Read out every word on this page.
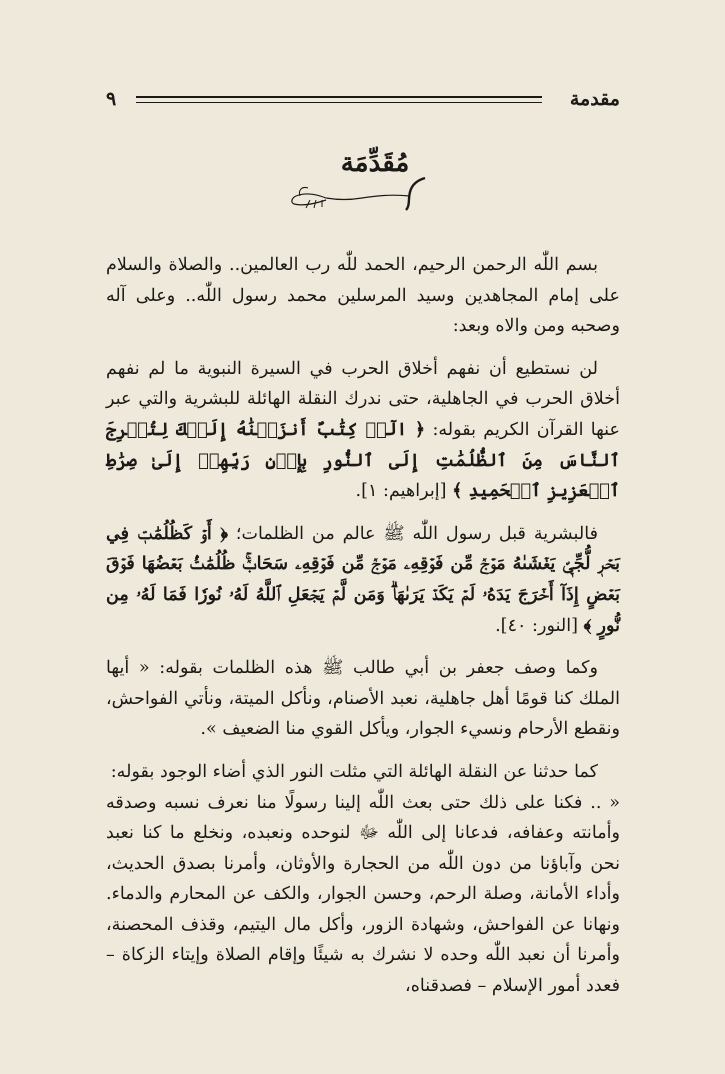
مقدمة
٩
مُقَدِّمَة

بسم اللّٰه الرحمن الرحيم، الحمد للّٰه رب العالمين.. والصلاة والسلام على إمام المجاهدين وسيد المرسلين محمد رسول اللّٰه.. وعلى آله وصحبه ومن والاه وبعد:

لن نستطيع أن نفهم أخلاق الحرب في السيرة النبوية ما لم نفهم أخلاق الحرب في الجاهلية، حتى ندرك النقلة الهائلة للبشرية والتي عبر عنها القرآن الكريم بقوله: ﴿ الٓرۚ كِتَٰبٌ أَنزَلۡنَٰهُ إِلَيۡكَ لِتُخۡرِجَ ٱلنَّاسَ مِنَ ٱلظُّلُمَٰتِ إِلَى ٱلنُّورِ بِإِذۡنِ رَبِّهِمۡ إِلَىٰ صِرَٰطِ ٱلۡعَزِيزِ ٱلۡحَمِيدِ ﴾ [إبراهيم: ١].

فالبشرية قبل رسول اللّٰه ﷺ عالم من الظلمات؛ ﴿ أَوۡ كَظُلُمَٰتٖ فِي بَحۡرٖ لُّجِّيّٖ يَغۡشَىٰهُ مَوۡجٞ مِّن فَوۡقِهِۦ مَوۡجٞ مِّن فَوۡقِهِۦ سَحَابٞۚ ظُلُمَٰتُۢ بَعۡضُهَا فَوۡقَ بَعۡضٍ إِذَآ أَخۡرَجَ يَدَهُۥ لَمۡ يَكَدۡ يَرَىٰهَاۗ وَمَن لَّمۡ يَجۡعَلِ ٱللَّهُ لَهُۥ نُورٗا فَمَا لَهُۥ مِن نُّورٍ ﴾ [النور: ٤٠].

وكما وصف جعفر بن أبي طالب ﷺ هذه الظلمات بقوله: « أيها الملك كنا قومًا أهل جاهلية، نعبد الأصنام، ونأكل الميتة، ونأتي الفواحش، ونقطع الأرحام ونسيء الجوار، ويأكل القوي منا الضعيف ».

كما حدثنا عن النقلة الهائلة التي مثلت النور الذي أضاء الوجود بقوله:

« .. فكنا على ذلك حتى بعث اللّٰه إلينا رسولًا منا نعرف نسبه وصدقه وأمانته وعفافه، فدعانا إلى اللّٰه ﷻ لنوحده ونعبده، ونخلع ما كنا نعبد نحن وآباؤنا من دون اللّٰه من الحجارة والأوثان، وأمرنا بصدق الحديث، وأداء الأمانة، وصلة الرحم، وحسن الجوار، والكف عن المحارم والدماء. ونهانا عن الفواحش، وشهادة الزور، وأكل مال اليتيم، وقذف المحصنة، وأمرنا أن نعبد اللّٰه وحده لا نشرك به شيئًا وإقام الصلاة وإيتاء الزكاة – فعدد أمور الإسلام – فصدقناه،
